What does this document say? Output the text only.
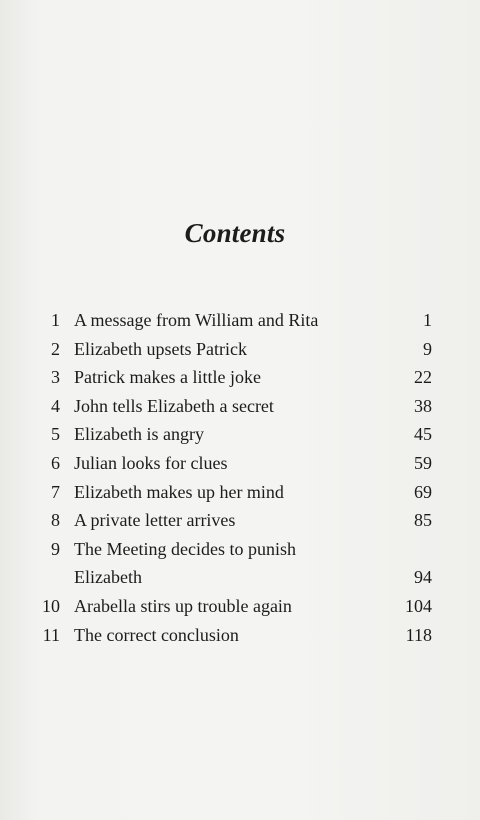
Contents
1 A message from William and Rita	1
2 Elizabeth upsets Patrick	9
3 Patrick makes a little joke	22
4 John tells Elizabeth a secret	38
5 Elizabeth is angry	45
6 Julian looks for clues	59
7 Elizabeth makes up her mind	69
8 A private letter arrives	85
9 The Meeting decides to punish
Elizabeth	94
10 Arabella stirs up trouble again	104
11 The correct conclusion	118
